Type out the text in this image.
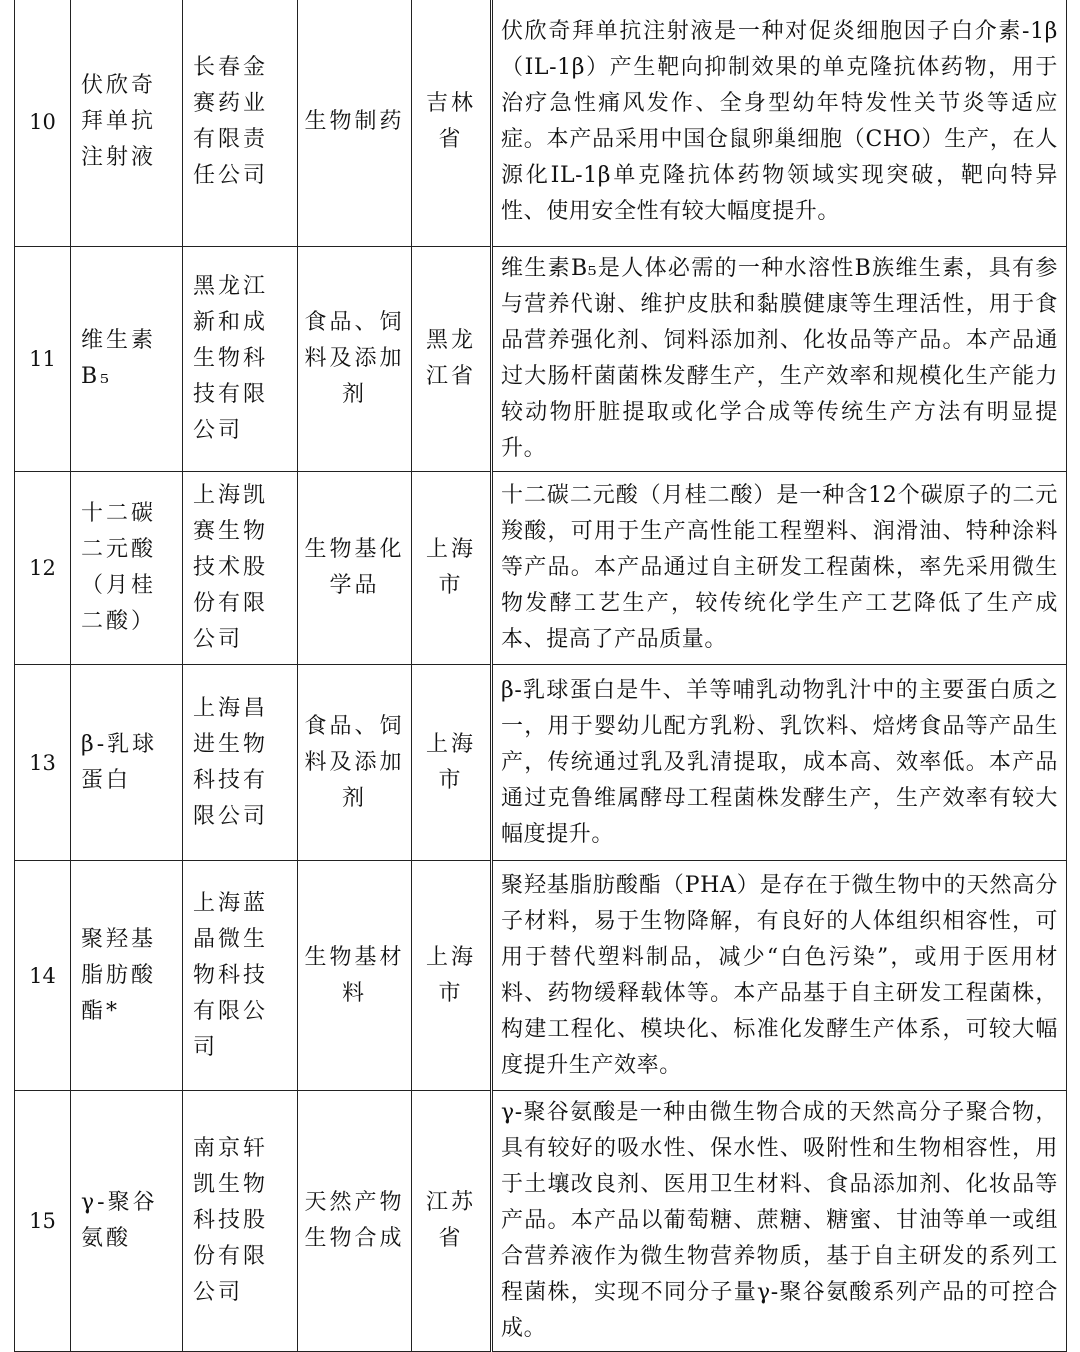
10	伏欣奇拜单抗注射液	长春金赛药业有限责任公司	生物制药	吉林省	伏欣奇拜单抗注射液是一种对促炎细胞因子白介素-1β（IL-1β）产生靶向抑制效果的单克隆抗体药物，用于治疗急性痛风发作、全身型幼年特发性关节炎等适应症。本产品采用中国仓鼠卵巢细胞（CHO）生产，在人源化IL-1β单克隆抗体药物领域实现突破，靶向特异性、使用安全性有较大幅度提升。

11	维生素B₅	黑龙江新和成生物科技有限公司	食品、饲料及添加剂	黑龙江省	维生素B₅是人体必需的一种水溶性B族维生素，具有参与营养代谢、维护皮肤和黏膜健康等生理活性，用于食品营养强化剂、饲料添加剂、化妆品等产品。本产品通过大肠杆菌菌株发酵生产，生产效率和规模化生产能力较动物肝脏提取或化学合成等传统生产方法有明显提升。

12	十二碳二元酸（月桂二酸）	上海凯赛生物技术股份有限公司	生物基化学品	上海市	十二碳二元酸（月桂二酸）是一种含12个碳原子的二元羧酸，可用于生产高性能工程塑料、润滑油、特种涂料等产品。本产品通过自主研发工程菌株，率先采用微生物发酵工艺生产，较传统化学生产工艺降低了生产成本、提高了产品质量。

13	β-乳球蛋白	上海昌进生物科技有限公司	食品、饲料及添加剂	上海市	β-乳球蛋白是牛、羊等哺乳动物乳汁中的主要蛋白质之一，用于婴幼儿配方乳粉、乳饮料、焙烤食品等产品生产，传统通过乳及乳清提取，成本高、效率低。本产品通过克鲁维属酵母工程菌株发酵生产，生产效率有较大幅度提升。

14	聚羟基脂肪酸酯*	上海蓝晶微生物科技有限公司	生物基材料	上海市	聚羟基脂肪酸酯（PHA）是存在于微生物中的天然高分子材料，易于生物降解，有良好的人体组织相容性，可用于替代塑料制品，减少“白色污染”，或用于医用材料、药物缓释载体等。本产品基于自主研发工程菌株，构建工程化、模块化、标准化发酵生产体系，可较大幅度提升生产效率。

15	γ-聚谷氨酸	南京轩凯生物科技股份有限公司	天然产物生物合成	江苏省	γ-聚谷氨酸是一种由微生物合成的天然高分子聚合物，具有较好的吸水性、保水性、吸附性和生物相容性，用于土壤改良剂、医用卫生材料、食品添加剂、化妆品等产品。本产品以葡萄糖、蔗糖、糖蜜、甘油等单一或组合营养液作为微生物营养物质，基于自主研发的系列工程菌株，实现不同分子量γ-聚谷氨酸系列产品的可控合成。
